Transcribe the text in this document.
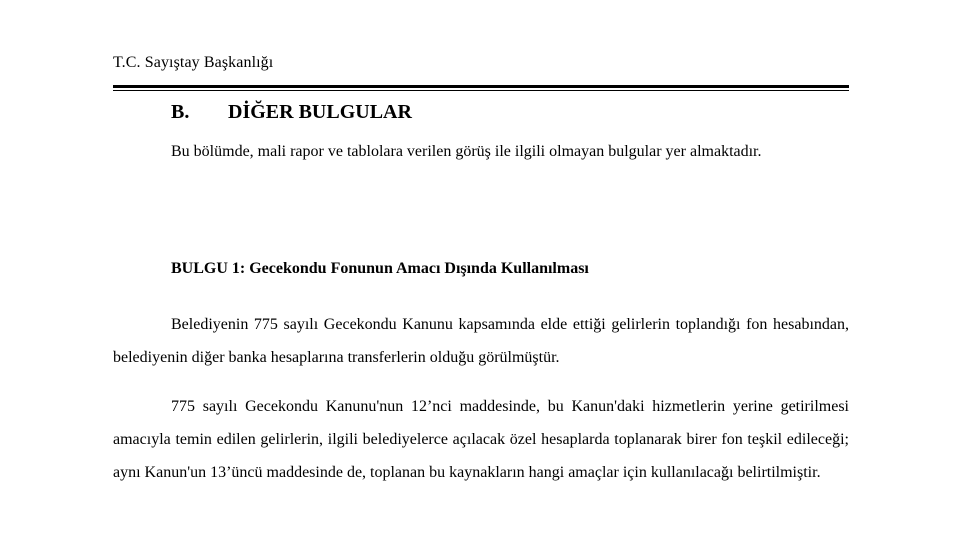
T.C. Sayıştay Başkanlığı
B. DİĞER BULGULAR

Bu bölümde, mali rapor ve tablolara verilen görüş ile ilgili olmayan bulgular yer almaktadır.

BULGU 1: Gecekondu Fonunun Amacı Dışında Kullanılması

Belediyenin 775 sayılı Gecekondu Kanunu kapsamında elde ettiği gelirlerin toplandığı fon hesabından, belediyenin diğer banka hesaplarına transferlerin olduğu görülmüştür.

775 sayılı Gecekondu Kanunu'nun 12’nci maddesinde, bu Kanun'daki hizmetlerin yerine getirilmesi amacıyla temin edilen gelirlerin, ilgili belediyelerce açılacak özel hesaplarda toplanarak birer fon teşkil edileceği; aynı Kanun'un 13’üncü maddesinde de, toplanan bu kaynakların hangi amaçlar için kullanılacağı belirtilmiştir.
